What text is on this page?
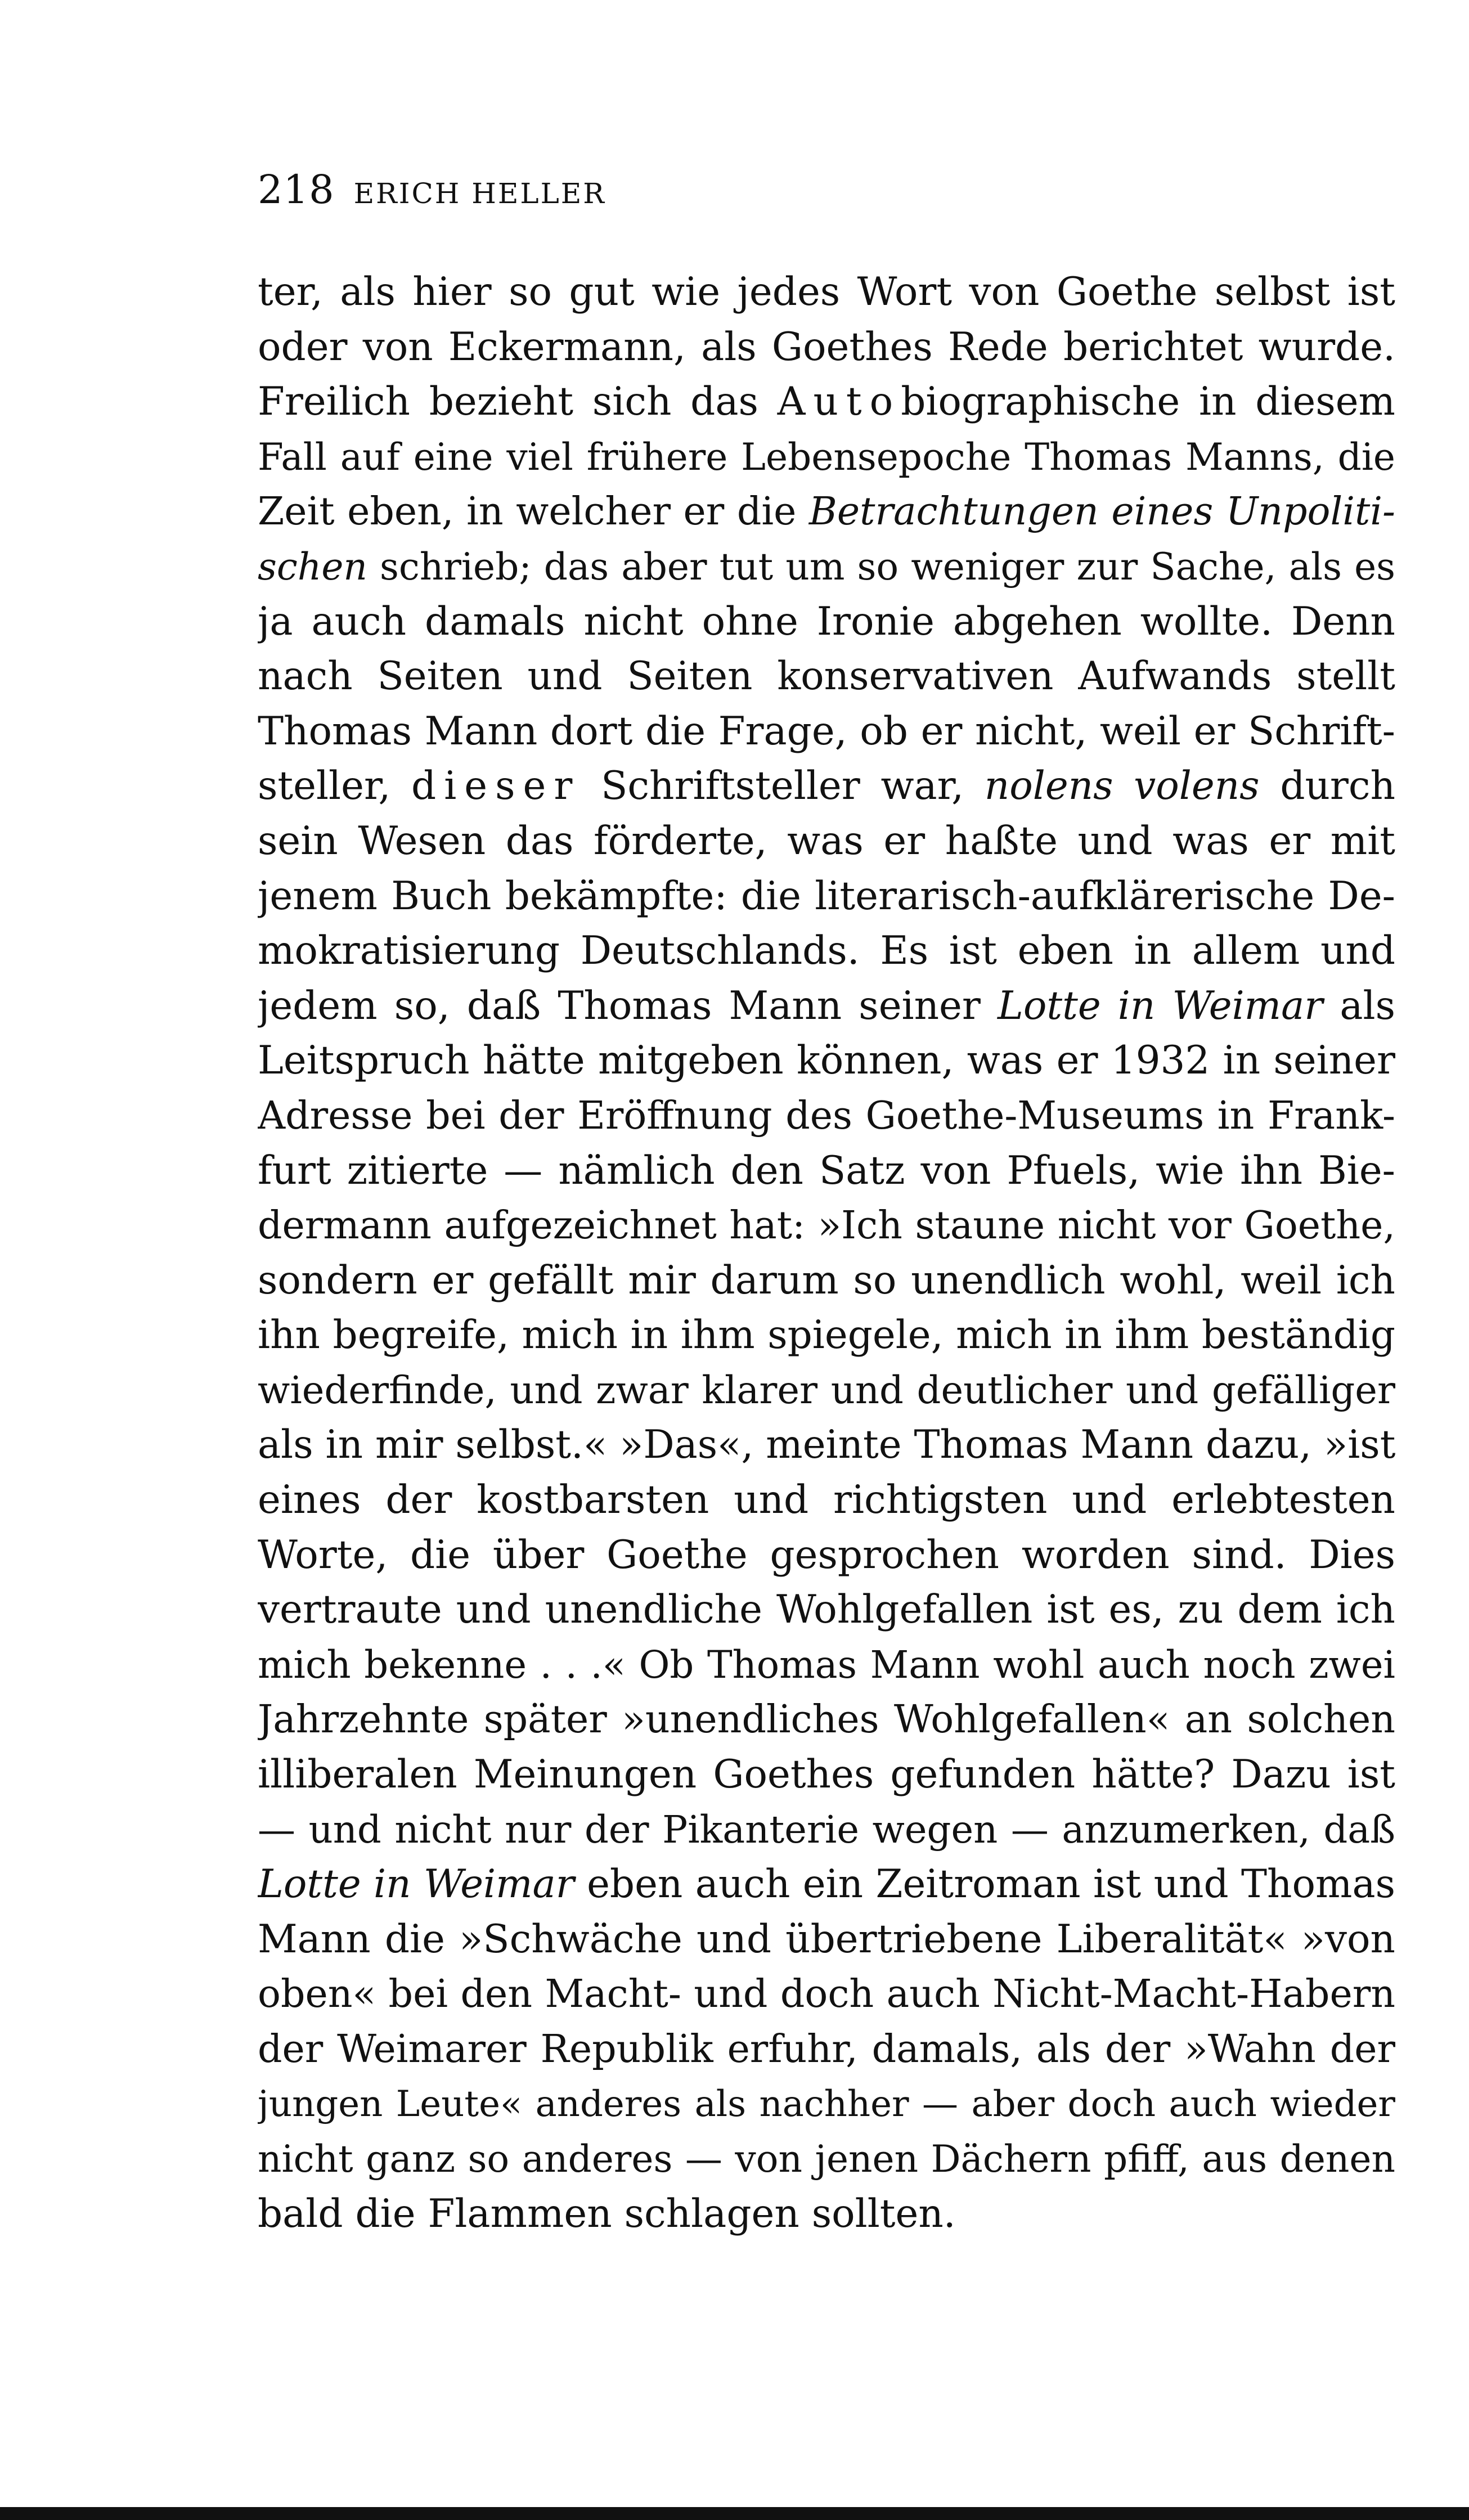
218 ERICH HELLER
ter, als hier so gut wie jedes Wort von Goethe selbst ist
oder von Eckermann, als Goethes Rede berichtet wurde.
Freilich bezieht sich das Autobiographische in diesem
Fall auf eine viel frühere Lebensepoche Thomas Manns, die
Zeit eben, in welcher er die Betrachtungen eines Unpoliti-
schen schrieb; das aber tut um so weniger zur Sache, als es
ja auch damals nicht ohne Ironie abgehen wollte. Denn
nach Seiten und Seiten konservativen Aufwands stellt
Thomas Mann dort die Frage, ob er nicht, weil er Schrift-
steller, dieser Schriftsteller war, nolens volens durch
sein Wesen das förderte, was er haßte und was er mit
jenem Buch bekämpfte: die literarisch-aufklärerische De-
mokratisierung Deutschlands. Es ist eben in allem und
jedem so, daß Thomas Mann seiner Lotte in Weimar als
Leitspruch hätte mitgeben können, was er 1932 in seiner
Adresse bei der Eröffnung des Goethe-Museums in Frank-
furt zitierte — nämlich den Satz von Pfuels, wie ihn Bie-
dermann aufgezeichnet hat: »Ich staune nicht vor Goethe,
sondern er gefällt mir darum so unendlich wohl, weil ich
ihn begreife, mich in ihm spiegele, mich in ihm beständig
wiederfinde, und zwar klarer und deutlicher und gefälliger
als in mir selbst.« »Das«, meinte Thomas Mann dazu, »ist
eines der kostbarsten und richtigsten und erlebtesten
Worte, die über Goethe gesprochen worden sind. Dies
vertraute und unendliche Wohlgefallen ist es, zu dem ich
mich bekenne . . .« Ob Thomas Mann wohl auch noch zwei
Jahrzehnte später »unendliches Wohlgefallen« an solchen
illiberalen Meinungen Goethes gefunden hätte? Dazu ist
— und nicht nur der Pikanterie wegen — anzumerken, daß
Lotte in Weimar eben auch ein Zeitroman ist und Thomas
Mann die »Schwäche und übertriebene Liberalität« »von
oben« bei den Macht- und doch auch Nicht-Macht-Habern
der Weimarer Republik erfuhr, damals, als der »Wahn der
jungen Leute« anderes als nachher — aber doch auch wieder
nicht ganz so anderes — von jenen Dächern pfiff, aus denen
bald die Flammen schlagen sollten.
